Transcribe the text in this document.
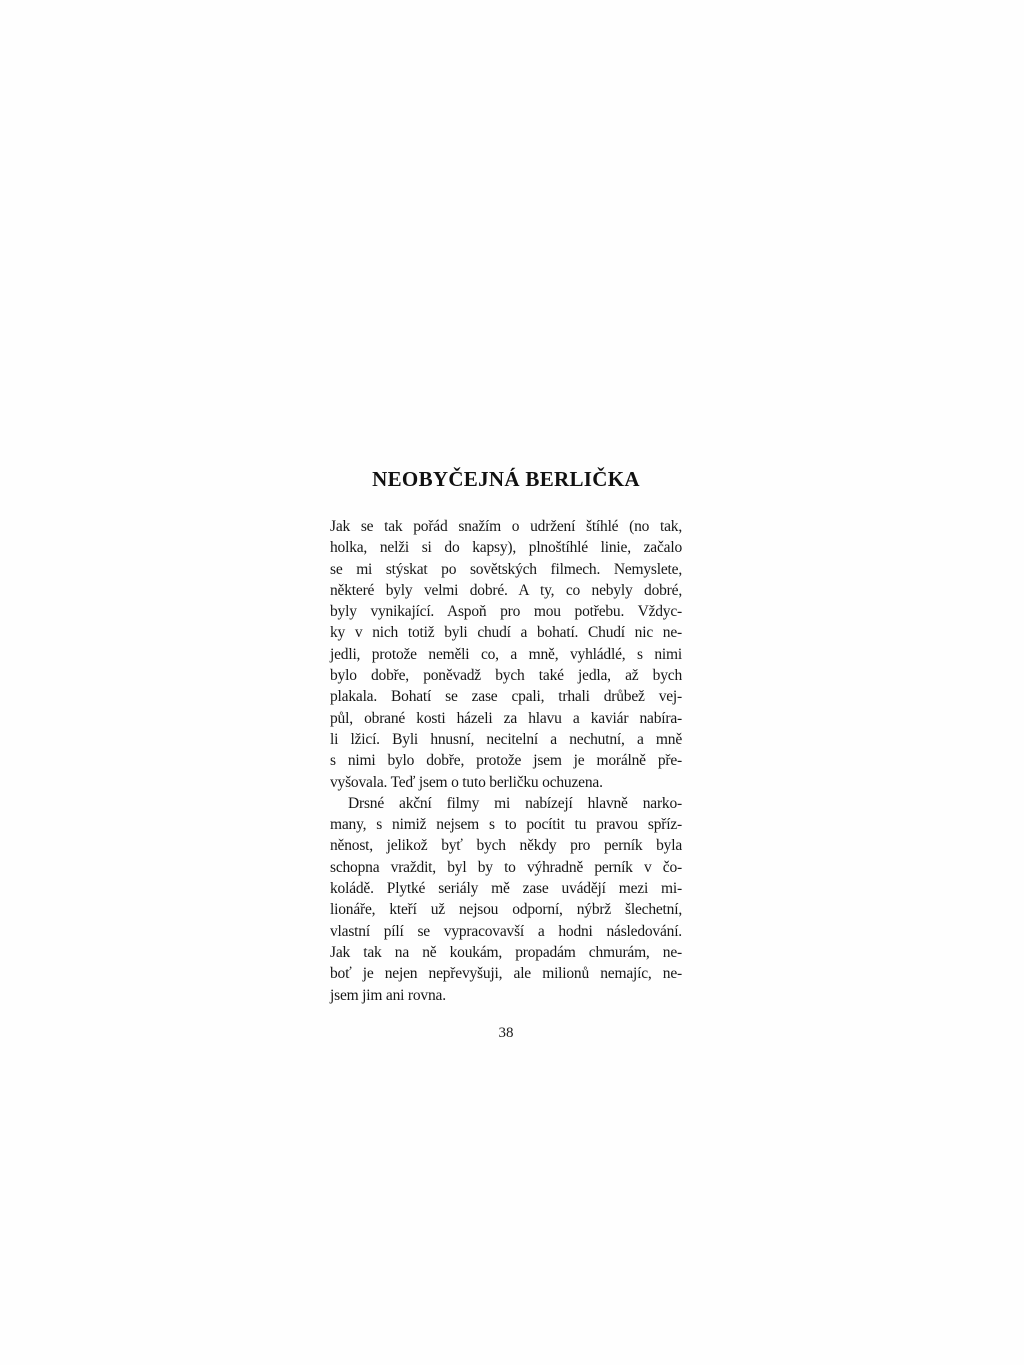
NEOBYČEJNÁ BERLIČKA
Jak se tak pořád snažím o udržení štíhlé (no tak,
holka, nelži si do kapsy), plnoštíhlé linie, začalo
se mi stýskat po sovětských filmech. Nemyslete,
některé byly velmi dobré. A ty, co nebyly dobré,
byly vynikající. Aspoň pro mou potřebu. Vždyc-
ky v nich totiž byli chudí a bohatí. Chudí nic ne-
jedli, protože neměli co, a mně, vyhládlé, s nimi
bylo dobře, poněvadž bych také jedla, až bych
plakala. Bohatí se zase cpali, trhali drůbež vej-
půl, obrané kosti házeli za hlavu a kaviár nabíra-
li lžicí. Byli hnusní, necitelní a nechutní, a mně
s nimi bylo dobře, protože jsem je morálně pře-
vyšovala. Teď jsem o tuto berličku ochuzena.
Drsné akční filmy mi nabízejí hlavně narko-
many, s nimiž nejsem s to pocítit tu pravou spříz-
něnost, jelikož byť bych někdy pro perník byla
schopna vraždit, byl by to výhradně perník v čo-
koládě. Plytké seriály mě zase uvádějí mezi mi-
lionáře, kteří už nejsou odporní, nýbrž šlechetní,
vlastní pílí se vypracovavší a hodni následování.
Jak tak na ně koukám, propadám chmurám, ne-
boť je nejen nepřevyšuji, ale milionů nemajíc, ne-
jsem jim ani rovna.
38
